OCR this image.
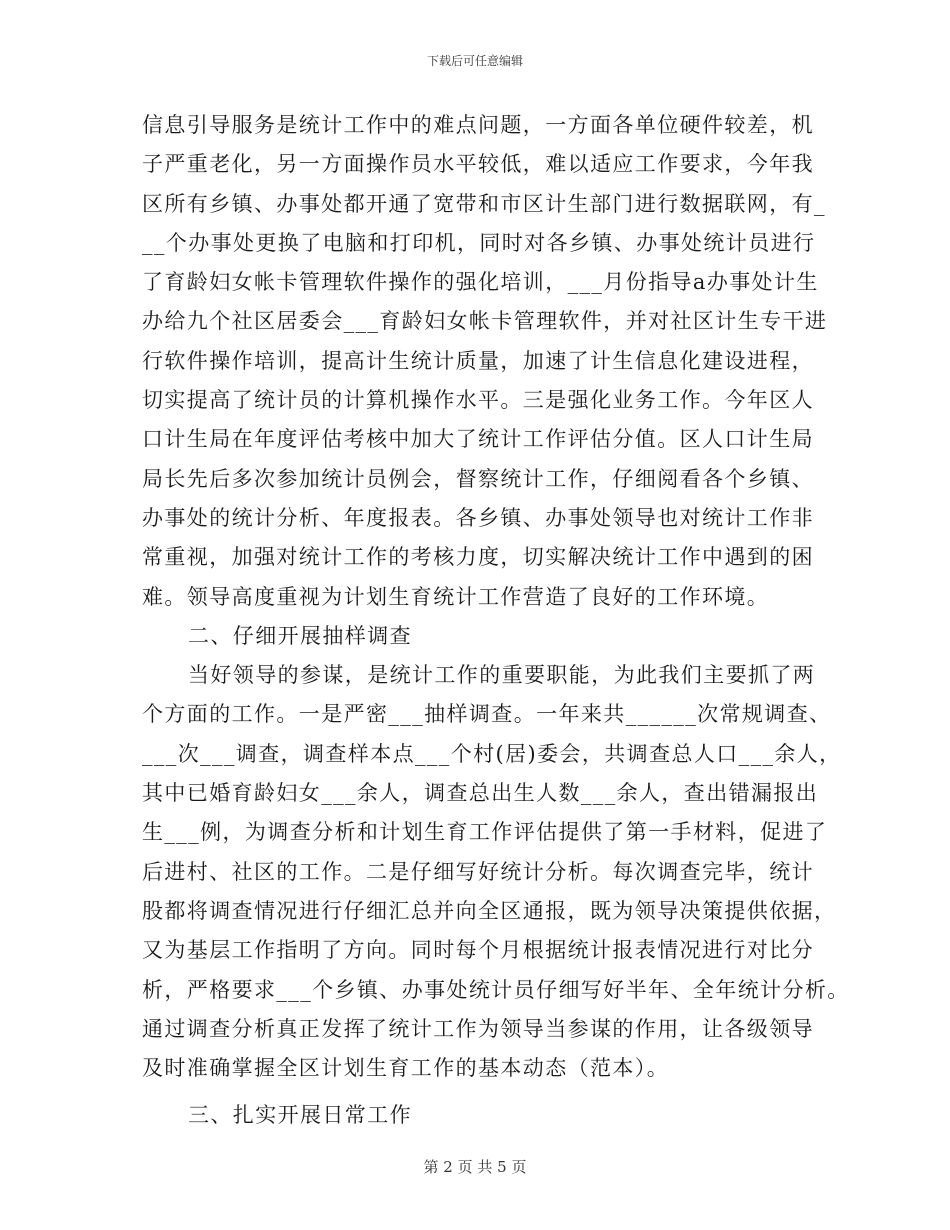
下载后可任意编辑
信息引导服务是统计工作中的难点问题，一方面各单位硬件较差，机
子严重老化，另一方面操作员水平较低，难以适应工作要求，今年我
区所有乡镇、办事处都开通了宽带和市区计生部门进行数据联网，有_
__个办事处更换了电脑和打印机，同时对各乡镇、办事处统计员进行
了育龄妇女帐卡管理软件操作的强化培训，___月份指导a办事处计生
办给九个社区居委会___育龄妇女帐卡管理软件，并对社区计生专干进
行软件操作培训，提高计生统计质量，加速了计生信息化建设进程，
切实提高了统计员的计算机操作水平。三是强化业务工作。今年区人
口计生局在年度评估考核中加大了统计工作评估分值。区人口计生局
局长先后多次参加统计员例会，督察统计工作，仔细阅看各个乡镇、
办事处的统计分析、年度报表。各乡镇、办事处领导也对统计工作非
常重视，加强对统计工作的考核力度，切实解决统计工作中遇到的困
难。领导高度重视为计划生育统计工作营造了良好的工作环境。
二、仔细开展抽样调查
当好领导的参谋，是统计工作的重要职能，为此我们主要抓了两
个方面的工作。一是严密___抽样调查。一年来共______次常规调查、
___次___调查，调查样本点___个村(居)委会，共调查总人口___余人，
其中已婚育龄妇女___余人，调查总出生人数___余人，查出错漏报出
生___例，为调查分析和计划生育工作评估提供了第一手材料，促进了
后进村、社区的工作。二是仔细写好统计分析。每次调查完毕，统计
股都将调查情况进行仔细汇总并向全区通报，既为领导决策提供依据，
又为基层工作指明了方向。同时每个月根据统计报表情况进行对比分
析，严格要求___个乡镇、办事处统计员仔细写好半年、全年统计分析。
通过调查分析真正发挥了统计工作为领导当参谋的作用，让各级领导
及时准确掌握全区计划生育工作的基本动态（范本）。
三、扎实开展日常工作
第 2 页 共 5 页
